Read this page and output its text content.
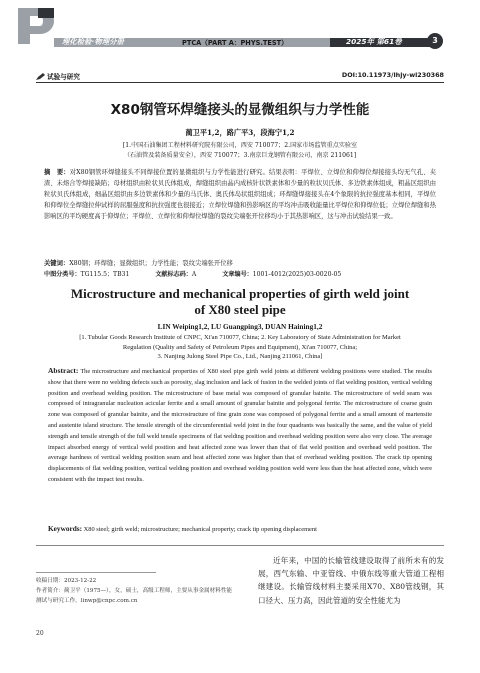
理化检验·物理分册	PTCA（PART A：PHYS.TEST）	2025年 第61卷	3
试验与研究	DOI:10.11973/lhjy-wl230368
X80钢管环焊缝接头的显微组织与力学性能
蔺卫平1,2，路广平3，段海宁1,2
[1.中国石油集团工程材料研究院有限公司，西安 710077；2.国家市场监管重点实验室
（石油管及装备质量安全），西安 710077；3.南京巨龙钢管有限公司，南京 211061]
摘　要：对X80钢管环焊缝接头不同焊接位置的显微组织与力学性能进行研究。结果表明：平焊位、立焊位和仰焊位焊接接头均无气孔、夹渣、未熔合等焊接缺陷；母材组织由粒状贝氏体组成，焊缝组织由晶内成核针状铁素体和少量的粒状贝氏体、多边铁素体组成，粗晶区组织由粒状贝氏体组成，细晶区组织由多边铁素体和少量的马氏体、奥氏体岛状组织组成；环焊缝焊接接头在4个象限的抗拉强度基本相同，平焊位和仰焊位全焊缝拉伸试样的屈服强度和抗拉强度也很接近；立焊位焊缝和热影响区的平均冲击吸收能量比平焊位和仰焊位低；立焊位焊缝和热影响区的平均硬度高于仰焊位；平焊位、立焊位和仰焊位焊缝的裂纹尖端张开位移均小于其热影响区，这与冲击试验结果一致。
关键词：X80钢；环焊缝；显微组织；力学性能；裂纹尖端张开位移
中图分类号：TG115.5；TB31	文献标志码：A	文章编号：1001-4012(2025)03-0020-05
Microstructure and mechanical properties of girth weld joint
of X80 steel pipe
LIN Weiping1,2, LU Guangping3, DUAN Haining1,2
[1. Tubular Goods Research Institute of CNPC, Xi'an 710077, China; 2. Key Laboratory of State Administration for Market
Regulation (Quality and Safety of Petroleum Pipes and Equipment), Xi'an 710077, China;
3. Nanjing Julong Steel Pipe Co., Ltd., Nanjing 211061, China]
Abstract: The microstructure and mechanical properties of X80 steel pipe girth weld joints at different welding positions were studied. The results show that there were no welding defects such as porosity, slag inclusion and lack of fusion in the welded joints of flat welding position, vertical welding position and overhead welding position. The microstructure of base metal was composed of granular bainite. The microstructure of weld seam was composed of intragranular nucleation acicular ferrite and a small amount of granular bainite and polygonal ferrite. The microstructure of coarse grain zone was composed of granular bainite, and the microstructure of fine grain zone was composed of polygonal ferrite and a small amount of martensite and austenite island structure. The tensile strength of the circumferential weld joint in the four quadrants was basically the same, and the value of yield strength and tensile strength of the full weld tensile specimens of flat welding position and overhead welding position were also very close. The average impact absorbed energy of vertical weld position and heat affected zone was lower than that of flat weld position and overhead weld position. The average hardness of vertical welding position seam and heat affected zone was higher than that of overhead welding position. The crack tip opening displacements of flat welding position, vertical welding position and overhead welding position weld were less than the heat affected zone, which were consistent with the impact test results.
Keywords: X80 steel; girth weld; microstructure; mechanical property; crack tip opening displacement
收稿日期：2023-12-22
作者简介：蔺卫平（1975—），女，硕士，高级工程师，主要从事金属材料性能测试与研究工作，linwp@cnpc.com.cn
20
近年来，中国的长输管线建设取得了前所未有的发展，西气东输、中亚管线、中俄东线等重大管道工程相继建设。长输管线材料主要采用X70、X80管线钢，其口径大、压力高，因此管道的安全性能尤为
